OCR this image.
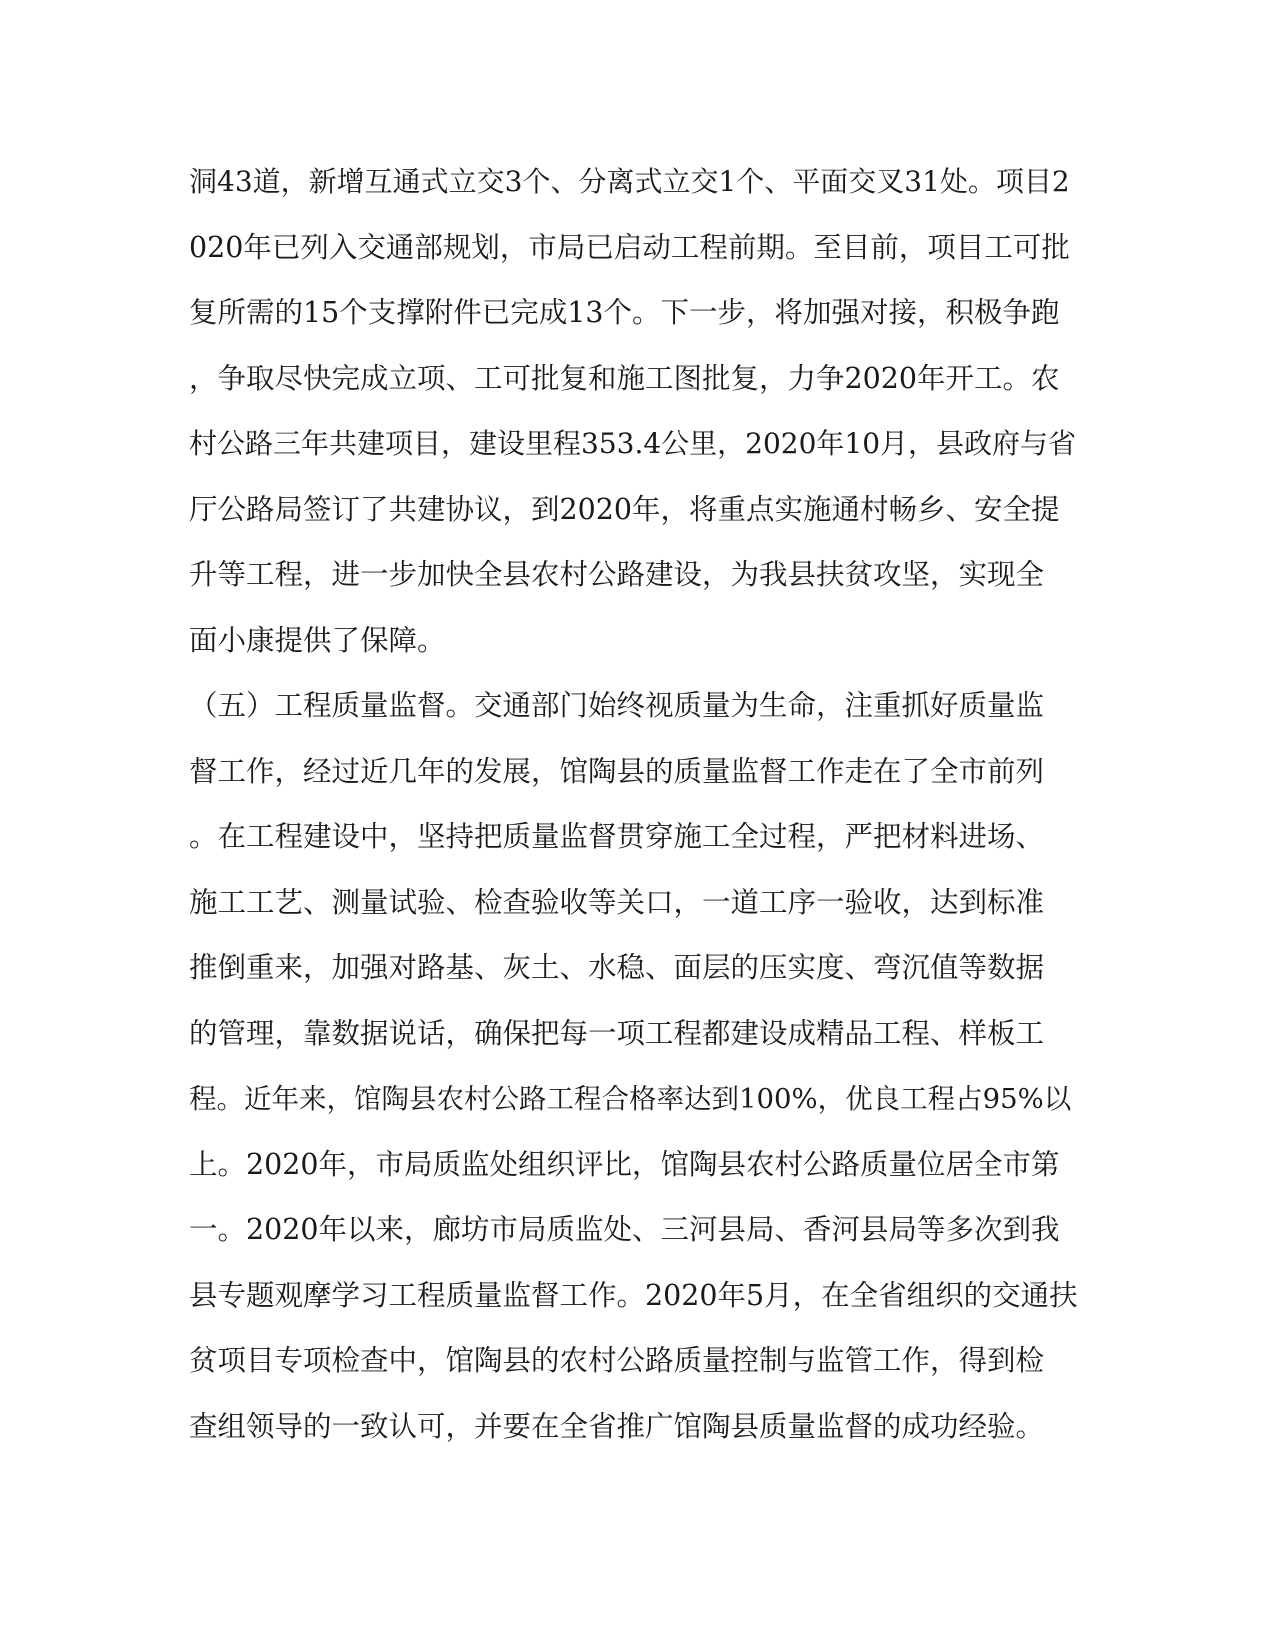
洞43道，新增互通式立交3个、分离式立交1个、平面交叉31处。项目2
020年已列入交通部规划，市局已启动工程前期。至目前，项目工可批
复所需的15个支撑附件已完成13个。下一步，将加强对接，积极争跑
，争取尽快完成立项、工可批复和施工图批复，力争2020年开工。农
村公路三年共建项目，建设里程353.4公里，2020年10月，县政府与省
厅公路局签订了共建协议，到2020年，将重点实施通村畅乡、安全提
升等工程，进一步加快全县农村公路建设，为我县扶贫攻坚，实现全
面小康提供了保障。
（五）工程质量监督。交通部门始终视质量为生命，注重抓好质量监
督工作，经过近几年的发展，馆陶县的质量监督工作走在了全市前列
。在工程建设中，坚持把质量监督贯穿施工全过程，严把材料进场、
施工工艺、测量试验、检查验收等关口，一道工序一验收，达到标准
推倒重来，加强对路基、灰土、水稳、面层的压实度、弯沉值等数据
的管理，靠数据说话，确保把每一项工程都建设成精品工程、样板工
程。近年来，馆陶县农村公路工程合格率达到100%，优良工程占95%以
上。2020年，市局质监处组织评比，馆陶县农村公路质量位居全市第
一。2020年以来，廊坊市局质监处、三河县局、香河县局等多次到我
县专题观摩学习工程质量监督工作。2020年5月，在全省组织的交通扶
贫项目专项检查中，馆陶县的农村公路质量控制与监管工作，得到检
查组领导的一致认可，并要在全省推广馆陶县质量监督的成功经验。
